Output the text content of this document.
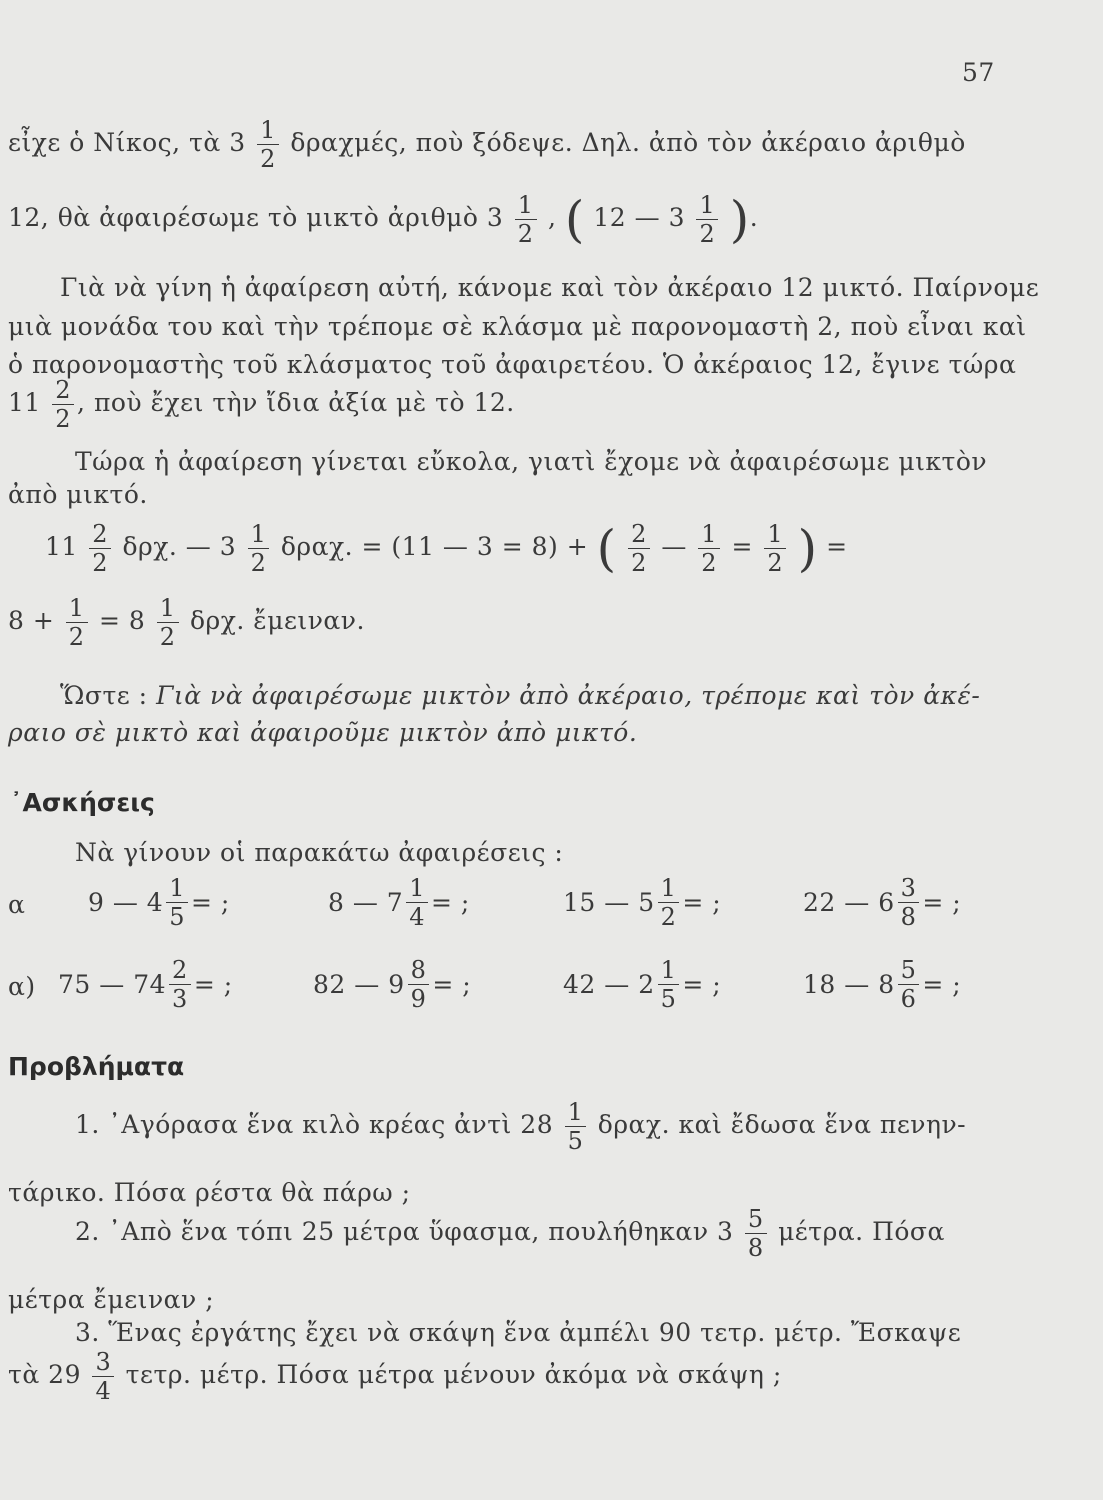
57
εἶχε ὁ Νίκος, τὰ $3 \frac{1}{2} \delta\rho\alpha\chi\mu έ\varsigma$, ποὺ ξόδεψε. Δηλ. ἀπὸ τὸν ἀκέραιο ἀριθμὸ
12, θὰ ἀφαιρέσωμε τὸ μικτὸ ἀριθμὸ $3 \frac{1}{2}$ , ( 12 — $3 \frac{1}{2}$ ).
Γιὰ νὰ γίνη ἡ ἀφαίρεση αὐτή, κάνομε καὶ τὸν ἀκέραιο 12 μικτό. Παίρνομε
μιὰ μονάδα του καὶ τὴν τρέπομε σὲ κλάσμα μὲ παρονομαστὴ 2, ποὺ εἶναι καὶ
ὁ παρονομαστὴς τοῦ κλάσματος τοῦ ἀφαιρετέου. Ὁ ἀκέραιος 12, ἔγινε τώρα
$11 \frac{2}{2}$ , ποὺ ἔχει τὴν ἴδια ἀξία μὲ τὸ 12.
Τώρα ἡ ἀφαίρεση γίνεται εὔκολα, γιατὶ ἔχομε νὰ ἀφαιρέσωμε μικτὸν
ἀπὸ μικτό.
$11 \frac{2}{2} \delta\rho\chi$. — $3 \frac{1}{2} \delta\rho\alpha\chi$. = (11 — 3 = 8) + ( $\frac{2}{2}$ — $\frac{1}{2} = \frac{1}{2}$ ) =
$8 + \frac{1}{2} = 8 \frac{1}{2} \delta\rho\chi$. ἔμειναν.
Ὥστε : Γιὰ νὰ ἀφαιρέσωμε μικτὸν ἀπὸ ἀκέραιο, τρέπομε καὶ τὸν ἀκέ-
ραιο σὲ μικτὸ καὶ ἀφαιροῦμε μικτὸν ἀπὸ μικτό.
᾽Ασκήσεις
Νὰ γίνουν οἱ παρακάτω ἀφαιρέσεις :
α	9 — $4 \frac{1}{5}$ = ;	8 — $7 \frac{1}{4}$ = ;	15 — $5 \frac{1}{2}$ = ;	22 — $6 \frac{3}{8}$ = ;
α) 75 — $74 \frac{2}{3}$ = ;	82 — $9 \frac{8}{9}$ = ;	42 — $2 \frac{1}{5}$ = ;	18 — $8 \frac{5}{6}$ = ;
Προβλήματα
1. ᾽Αγόρασα ἕνα κιλὸ κρέας ἀντὶ $28 \frac{1}{5} \delta\rho\alpha\chi$. καὶ ἔδωσα ἕνα πενην-
τάρικο. Πόσα ρέστα θὰ πάρω ;
2. ᾽Απὸ ἕνα τόπι 25 μέτρα ὕφασμα, πουλήθηκαν $3 \frac{5}{8} \mu έ\tau\rho\alpha$. Πόσα
μέτρα ἔμειναν ;
3. Ἕνας ἐργάτης ἔχει νὰ σκάψη ἕνα ἀμπέλι 90 τετρ. μέτρ. Ἔσκαψε
τὰ $29 \frac{3}{4} \tau\varepsilon\tau\rho$. μέτρ. Πόσα μέτρα μένουν ἀκόμα νὰ σκάψη ;
